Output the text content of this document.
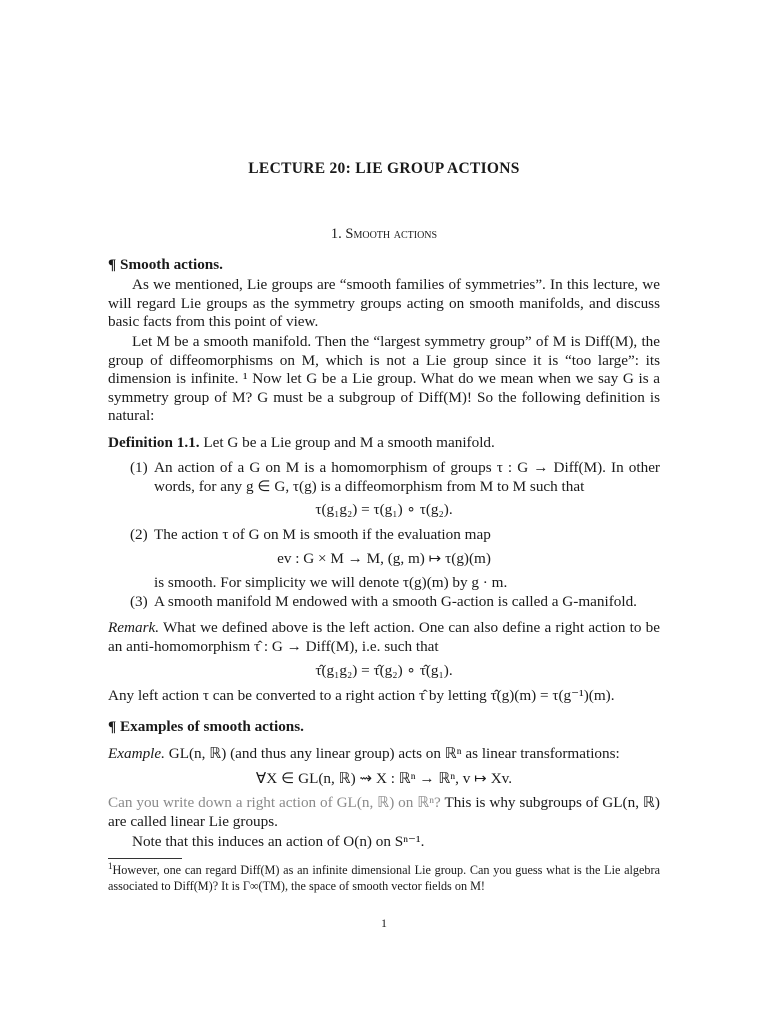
LECTURE 20: LIE GROUP ACTIONS
1. Smooth actions
¶ Smooth actions.
As we mentioned, Lie groups are “smooth families of symmetries”. In this lecture, we will regard Lie groups as the symmetry groups acting on smooth manifolds, and discuss basic facts from this point of view.
Let M be a smooth manifold. Then the “largest symmetry group” of M is Diff(M), the group of diffeomorphisms on M, which is not a Lie group since it is “too large”: its dimension is infinite. ¹ Now let G be a Lie group. What do we mean when we say G is a symmetry group of M? G must be a subgroup of Diff(M)! So the following definition is natural:
Definition 1.1. Let G be a Lie group and M a smooth manifold.
(1) An action of a G on M is a homomorphism of groups τ : G → Diff(M). In other words, for any g ∈ G, τ(g) is a diffeomorphism from M to M such that
τ(g₁g₂) = τ(g₁) ∘ τ(g₂).
(2) The action τ of G on M is smooth if the evaluation map
ev : G × M → M, (g, m) ↦ τ(g)(m)
is smooth. For simplicity we will denote τ(g)(m) by g · m.
(3) A smooth manifold M endowed with a smooth G-action is called a G-manifold.
Remark. What we defined above is the left action. One can also define a right action to be an anti-homomorphism τ̂ : G → Diff(M), i.e. such that
τ̂(g₁g₂) = τ̂(g₂) ∘ τ̂(g₁).
Any left action τ can be converted to a right action τ̂ by letting τ̂(g)(m) = τ(g⁻¹)(m).
¶ Examples of smooth actions.
Example. GL(n, ℝ) (and thus any linear group) acts on ℝⁿ as linear transformations:
∀X ∈ GL(n, ℝ) ⇝ X : ℝⁿ → ℝⁿ, v ↦ Xv.
Can you write down a right action of GL(n, ℝ) on ℝⁿ? This is why subgroups of GL(n, ℝ) are called linear Lie groups.
Note that this induces an action of O(n) on Sⁿ⁻¹.
$^1$However, one can regard Diff(M) as an infinite dimensional Lie group. Can you guess what is the Lie algebra associated to Diff(M)? It is Γ∞(TM), the space of smooth vector fields on M!
1
